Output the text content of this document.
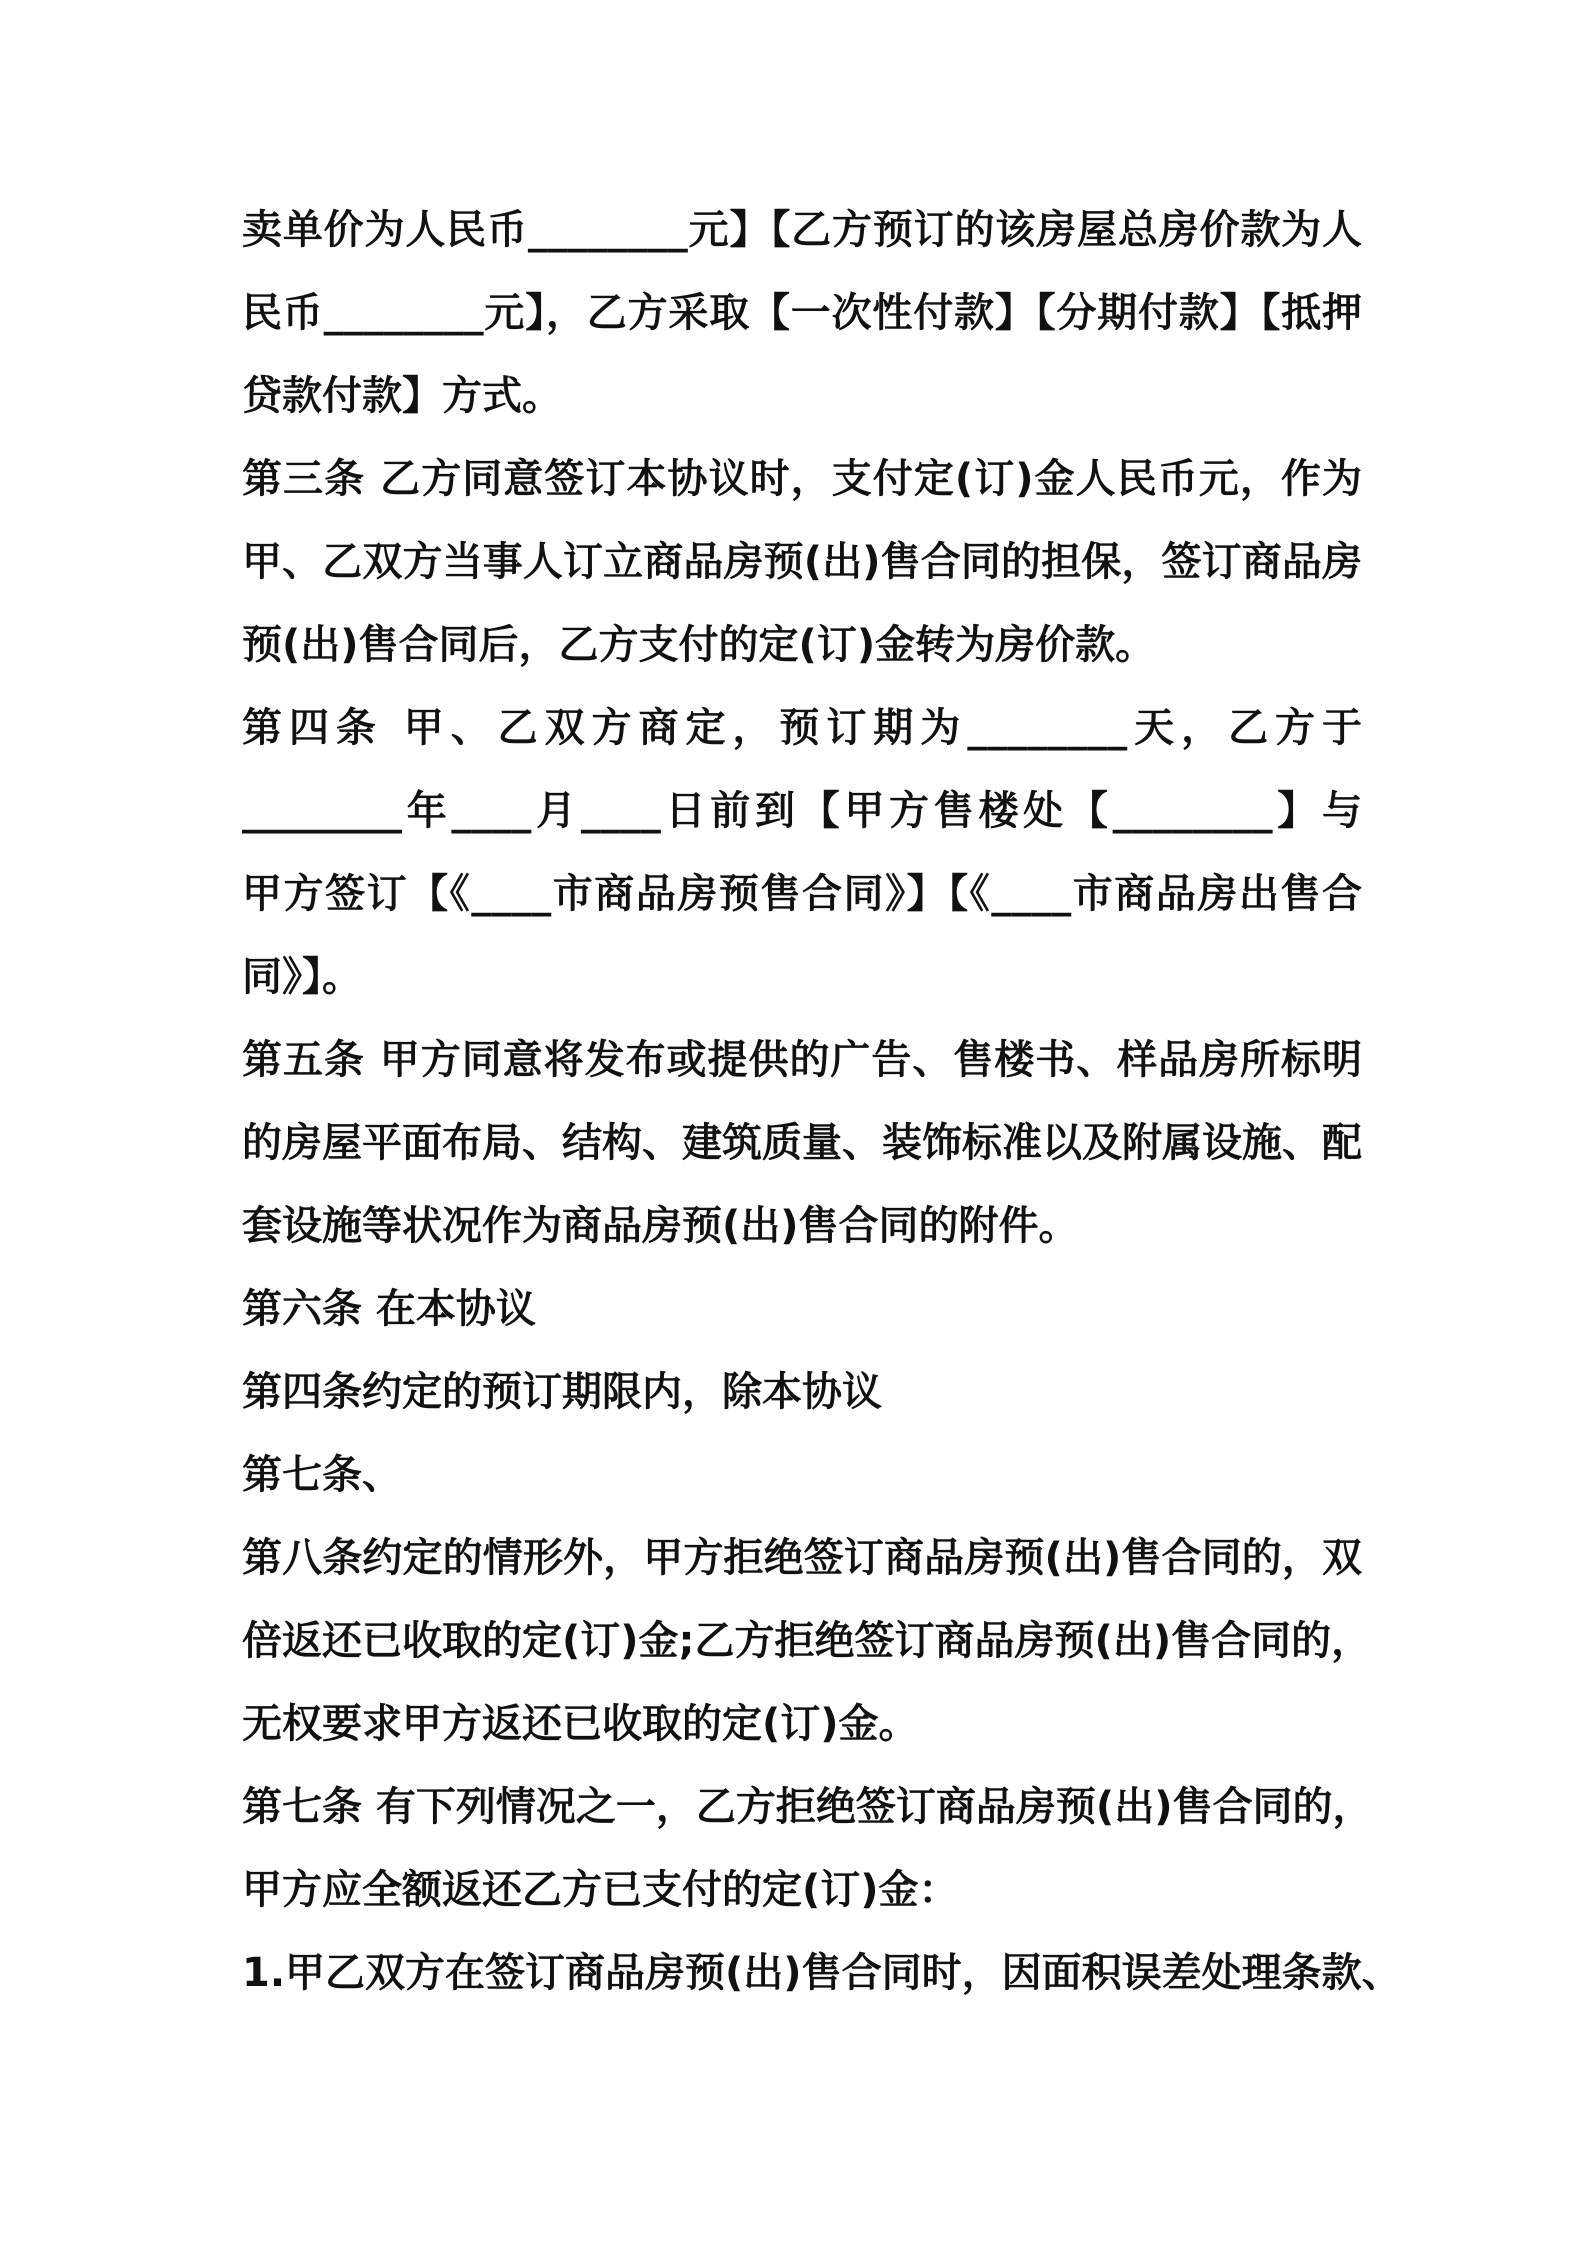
卖单价为人民币________元】【乙方预订的该房屋总房价款为人
民币________元】，乙方采取【一次性付款】【分期付款】【抵押
贷款付款】方式。
第三条 乙方同意签订本协议时，支付定(订)金人民币元，作为
甲、乙双方当事人订立商品房预(出)售合同的担保，签订商品房
预(出)售合同后，乙方支付的定(订)金转为房价款。
第四条 甲、乙双方商定，预订期为________天，乙方于
________年____月____日前到【甲方售楼处【________】与
甲方签订【《____市商品房预售合同》】【《____市商品房出售合
同》】。
第五条 甲方同意将发布或提供的广告、售楼书、样品房所标明
的房屋平面布局、结构、建筑质量、装饰标准以及附属设施、配
套设施等状况作为商品房预(出)售合同的附件。
第六条 在本协议
第四条约定的预订期限内，除本协议
第七条、
第八条约定的情形外，甲方拒绝签订商品房预(出)售合同的，双
倍返还已收取的定(订)金;乙方拒绝签订商品房预(出)售合同的，
无权要求甲方返还已收取的定(订)金。
第七条 有下列情况之一，乙方拒绝签订商品房预(出)售合同的，
甲方应全额返还乙方已支付的定(订)金：
1.甲乙双方在签订商品房预(出)售合同时，因面积误差处理条款、
